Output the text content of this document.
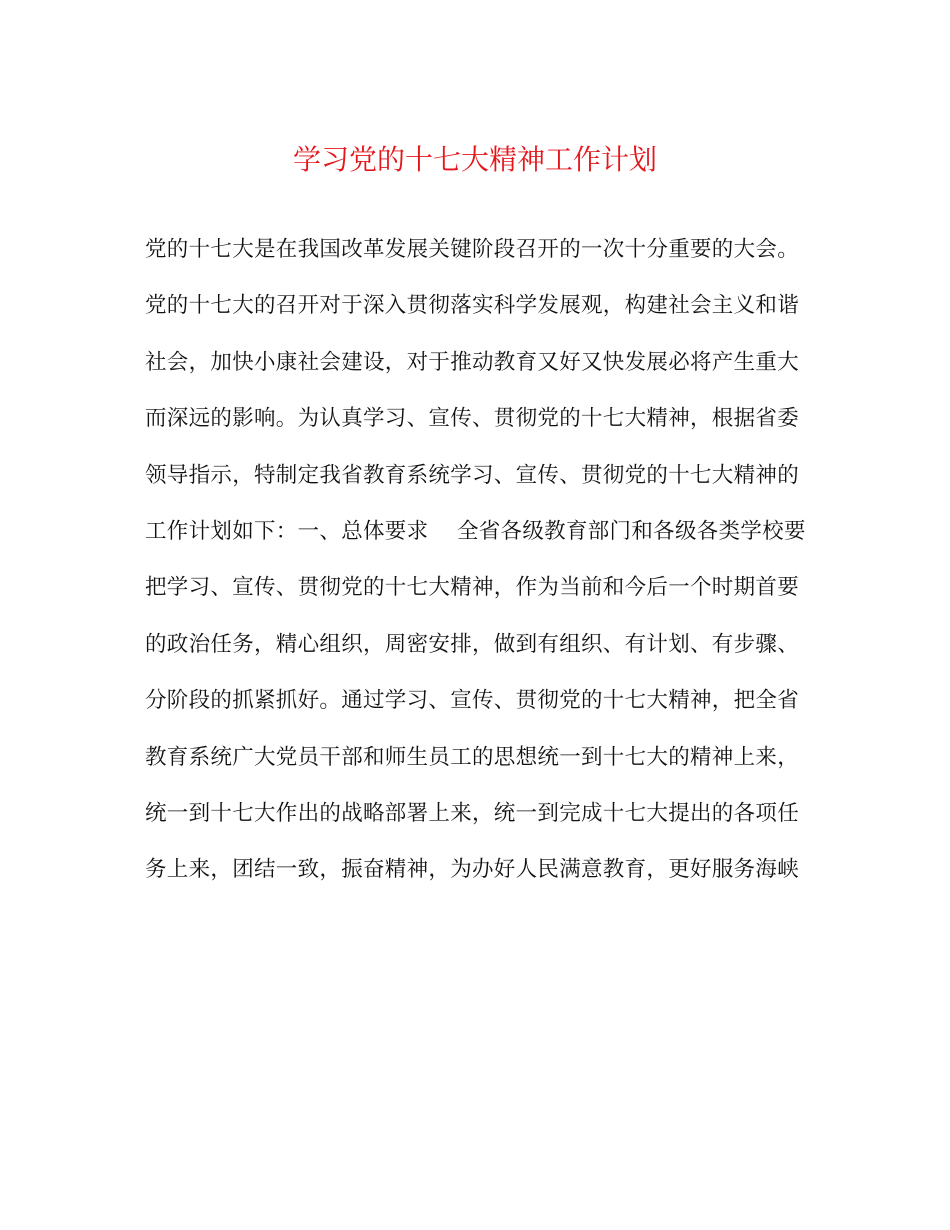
学习党的十七大精神工作计划
党的十七大是在我国改革发展关键阶段召开的一次十分重要的大会。
党的十七大的召开对于深入贯彻落实科学发展观，构建社会主义和谐
社会，加快小康社会建设，对于推动教育又好又快发展必将产生重大
而深远的影响。为认真学习、宣传、贯彻党的十七大精神，根据省委
领导指示，特制定我省教育系统学习、宣传、贯彻党的十七大精神的
工作计划如下：一、总体要求    全省各级教育部门和各级各类学校要
把学习、宣传、贯彻党的十七大精神，作为当前和今后一个时期首要
的政治任务，精心组织，周密安排，做到有组织、有计划、有步骤、
分阶段的抓紧抓好。通过学习、宣传、贯彻党的十七大精神，把全省
教育系统广大党员干部和师生员工的思想统一到十七大的精神上来，
统一到十七大作出的战略部署上来，统一到完成十七大提出的各项任
务上来，团结一致，振奋精神，为办好人民满意教育，更好服务海峡
